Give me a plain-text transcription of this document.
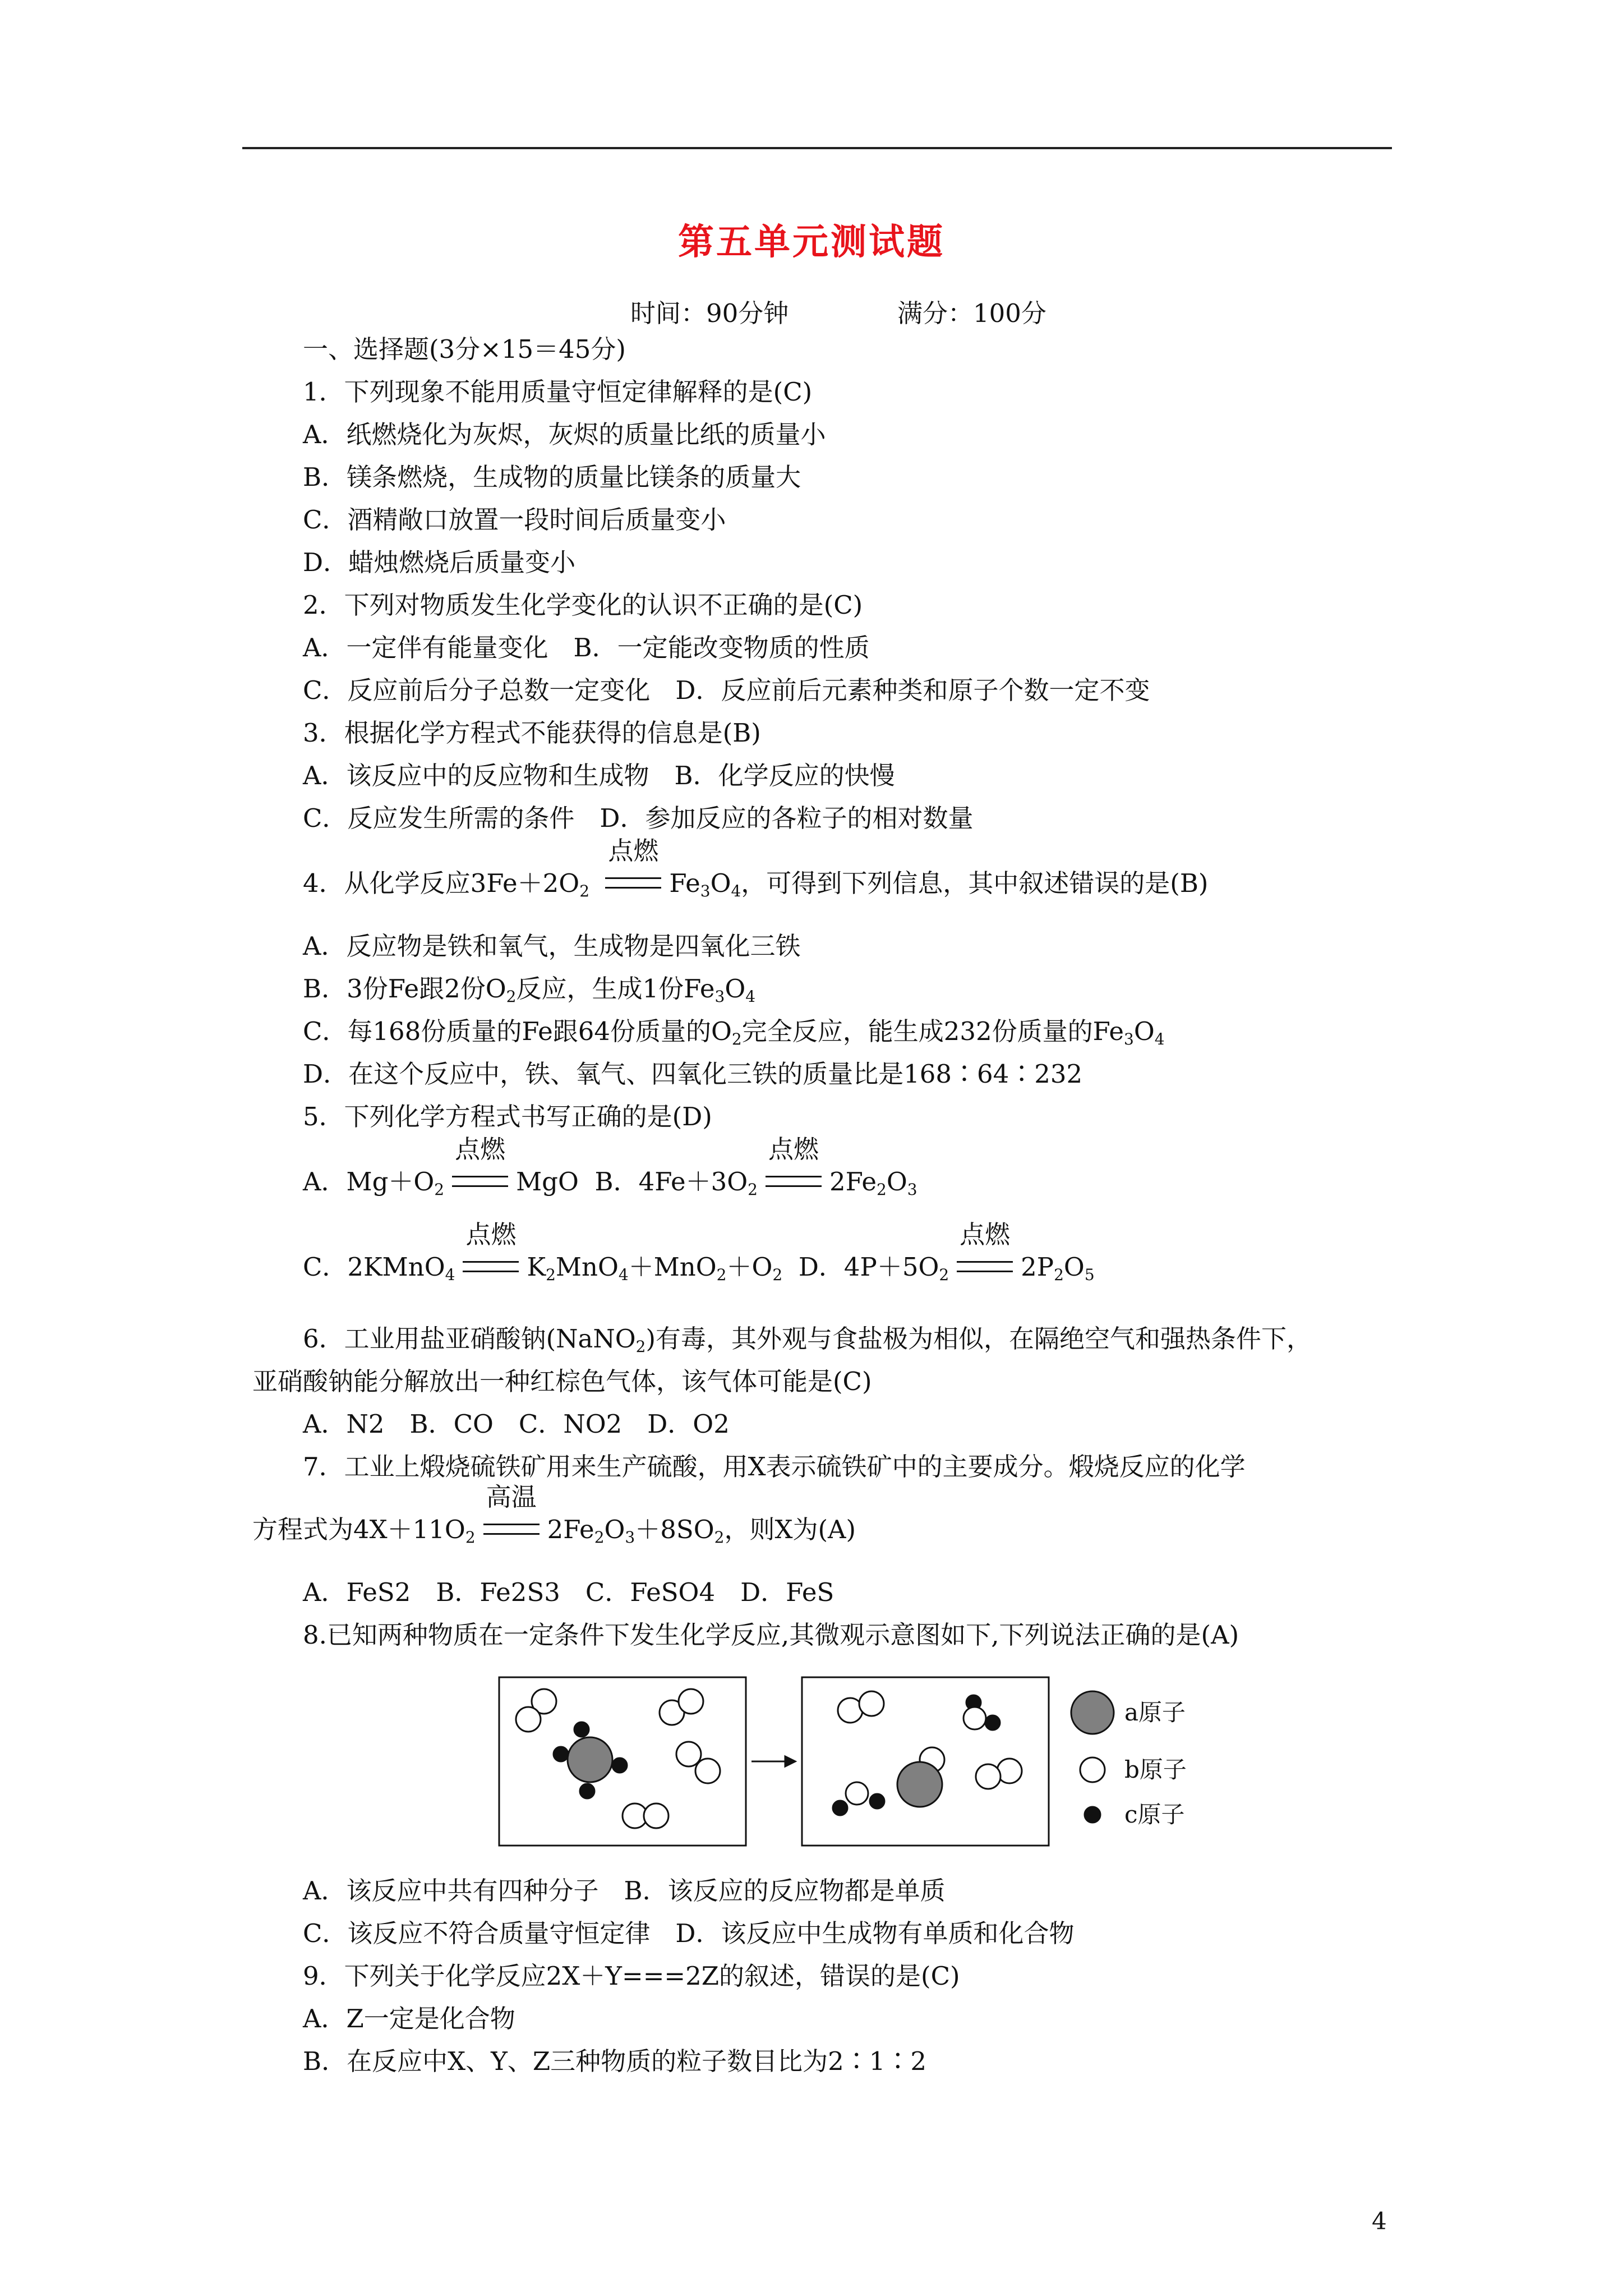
第五单元测试题
时间：90分钟	满分：100分
一、选择题(3分×15＝45分)
1．下列现象不能用质量守恒定律解释的是(C)
A．纸燃烧化为灰烬，灰烬的质量比纸的质量小
B．镁条燃烧，生成物的质量比镁条的质量大
C．酒精敞口放置一段时间后质量变小
D．蜡烛燃烧后质量变小
2．下列对物质发生化学变化的认识不正确的是(C)
A．一定伴有能量变化　B．一定能改变物质的性质
C．反应前后分子总数一定变化　D．反应前后元素种类和原子个数一定不变
3．根据化学方程式不能获得的信息是(B)
A．该反应中的反应物和生成物　B．化学反应的快慢
C．反应发生所需的条件　D．参加反应的各粒子的相对数量
4．从化学反应$3Fe+2O_2$
点燃
$Fe_3O_4$，可得到下列信息，其中叙述错误的是(B)
A．反应物是铁和氧气，生成物是四氧化三铁
B．3份Fe跟2份$O_2$反应，生成1份$Fe_3O_4$
C．每168份质量的Fe跟64份质量的$O_2$完全反应，能生成232份质量的$Fe_3O_4$
D．在这个反应中，铁、氧气、四氧化三铁的质量比是168∶64∶232
5．下列化学方程式书写正确的是(D)
A．$Mg+O_2$
点燃
MgO B．$4Fe+3O_2$
点燃
$2Fe_2O_3$
C．2KMnO$_4$
点燃
$K_2MnO_4+MnO_2+O_2$ D．$4P+5O_2$
点燃
$2P_2O_5$
6．工业用盐亚硝酸钠(NaNO$_2$)有毒，其外观与食盐极为相似，在隔绝空气和强热条件下，
亚硝酸钠能分解放出一种红棕色气体，该气体可能是(C)
A．N2　B．CO　C．NO2　D．O2
7．工业上煅烧硫铁矿用来生产硫酸，用X表示硫铁矿中的主要成分。煅烧反应的化学
方程式为$4X+11O_2$
高温
$2Fe_2O_3+8SO_2$，则X为(A)
A．FeS2　B．Fe2S3　C．FeSO4　D．FeS
8.已知两种物质在一定条件下发生化学反应,其微观示意图如下,下列说法正确的是(A)
a原子
b原子
c原子
A．该反应中共有四种分子　B．该反应的反应物都是单质
C．该反应不符合质量守恒定律　D．该反应中生成物有单质和化合物
9．下列关于化学反应2X＋Y===2Z的叙述，错误的是(C)
A．Z一定是化合物
B．在反应中X、Y、Z三种物质的粒子数目比为2∶1∶2
4
